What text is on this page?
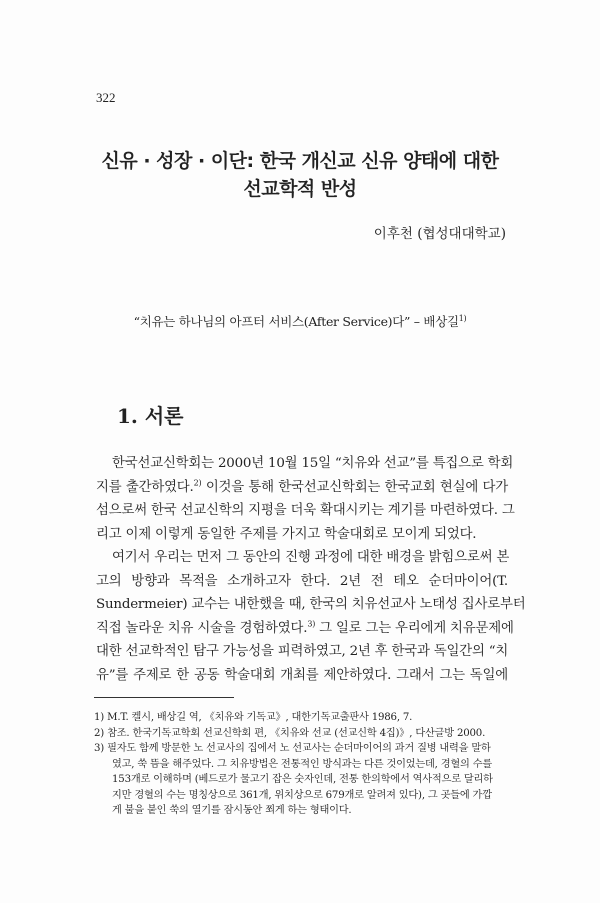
322
신유 · 성장 · 이단: 한국 개신교 신유 양태에 대한
선교학적 반성
이후천 (협성대대학교)
“치유는 하나님의 아프터 서비스(After Service)다” – 배상길$^{1)}$
1. 서론
한국선교신학회는 2000년 10월 15일 “치유와 선교”를 특집으로 학회
지를 출간하였다.$^{2)}$ 이것을 통해 한국선교신학회는 한국교회 현실에 다가
섬으로써 한국 선교신학의 지평을 더욱 확대시키는 계기를 마련하였다. 그
리고 이제 이렇게 동일한 주제를 가지고 학술대회로 모이게 되었다.
여기서 우리는 먼저 그 동안의 진행 과정에 대한 배경을 밝힘으로써 본
고의 방향과 목적을 소개하고자 한다. 2년 전 테오 순더마이어(T.
Sundermeier) 교수는 내한했을 때, 한국의 치유선교사 노태성 집사로부터
직접 놀라운 치유 시술을 경험하였다.$^{3)}$ 그 일로 그는 우리에게 치유문제에
대한 선교학적인 탐구 가능성을 피력하였고, 2년 후 한국과 독일간의 “치
유”를 주제로 한 공동 학술대회 개최를 제안하였다. 그래서 그는 독일에
1) M.T. 켈시, 배상길 역, 《치유와 기독교》, 대한기독교출판사 1986, 7.
2) 참조. 한국기독교학회 선교신학회 편, 《치유와 선교 (선교신학 4집)》, 다산글방 2000.
3) 필자도 함께 방문한 노 선교사의 집에서 노 선교사는 순더마이어의 과거 질병 내력을 말하
였고, 쑥 뜸을 해주었다. 그 치유방법은 전통적인 방식과는 다른 것이었는데, 경혈의 수를
153개로 이해하며 (베드로가 물고기 잡은 숫자인데, 전통 한의학에서 역사적으로 달리하
지만 경혈의 수는 명칭상으로 361개, 위치상으로 679개로 알려져 있다), 그 곳들에 가깝
게 불을 붙인 쑥의 열기를 잠시동안 쬐게 하는 형태이다.
